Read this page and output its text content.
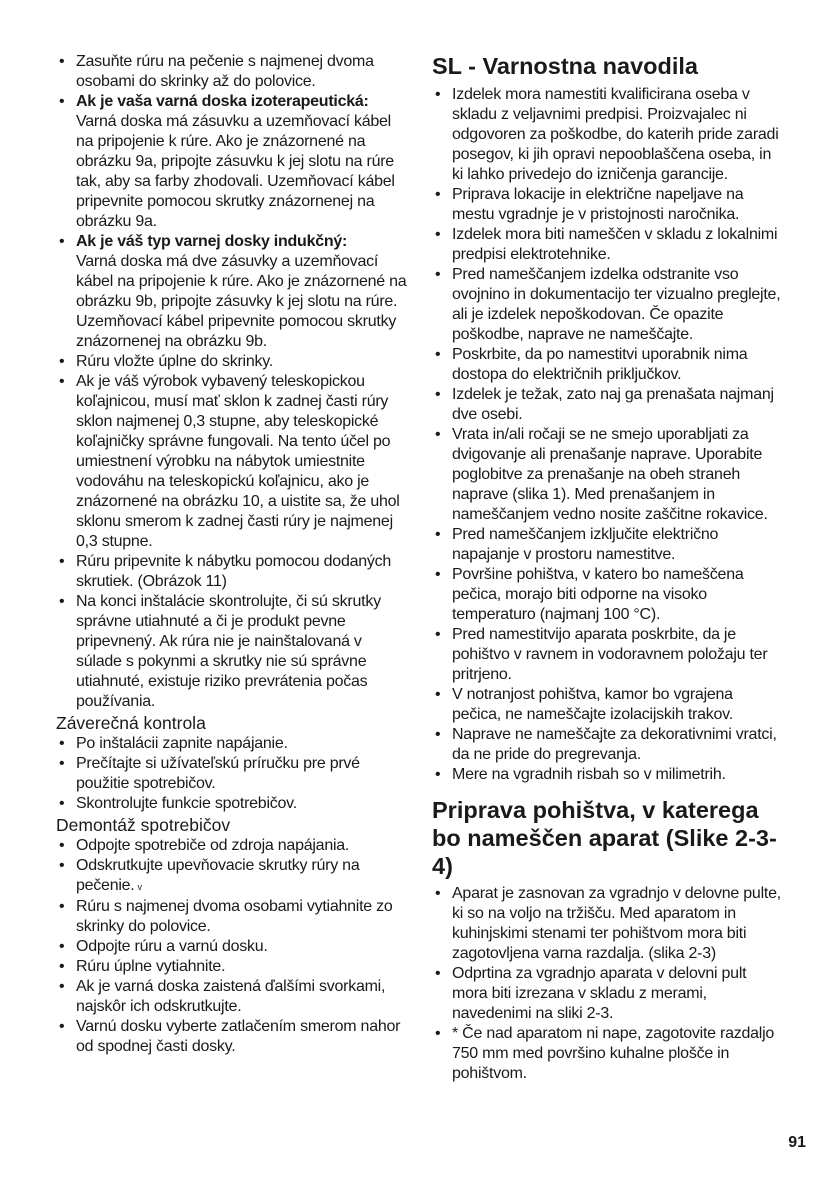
• Zasuňte rúru na pečenie s najmenej dvoma osobami do skrinky až do polovice.
• Ak je vaša varná doska izoterapeutická:
Varná doska má zásuvku a uzemňovací kábel na pripojenie k rúre. Ako je znázornené na obrázku 9a, pripojte zásuvku k jej slotu na rúre tak, aby sa farby zhodovali. Uzemňovací kábel pripevnite pomocou skrutky znázornenej na obrázku 9a.
• Ak je váš typ varnej dosky indukčný:
Varná doska má dve zásuvky a uzemňovací kábel na pripojenie k rúre. Ako je znázornené na obrázku 9b, pripojte zásuvky k jej slotu na rúre. Uzemňovací kábel pripevnite pomocou skrutky znázornenej na obrázku 9b.
• Rúru vložte úplne do skrinky.
• Ak je váš výrobok vybavený teleskopickou koľajnicou, musí mať sklon k zadnej časti rúry sklon najmenej 0,3 stupne, aby teleskopické koľajničky správne fungovali. Na tento účel po umiestnení výrobku na nábytok umiestnite vodováhu na teleskopickú koľajnicu, ako je znázornené na obrázku 10, a uistite sa, že uhol sklonu smerom k zadnej časti rúry je najmenej 0,3 stupne.
• Rúru pripevnite k nábytku pomocou dodaných skrutiek. (Obrázok 11)
• Na konci inštalácie skontrolujte, či sú skrutky správne utiahnuté a či je produkt pevne pripevnený. Ak rúra nie je nainštalovaná v súlade s pokynmi a skrutky nie sú správne utiahnuté, existuje riziko prevrátenia počas používania.
Záverečná kontrola
• Po inštalácii zapnite napájanie.
• Prečítajte si užívateľskú príručku pre prvé použitie spotrebičov.
• Skontrolujte funkcie spotrebičov.
Demontáž spotrebičov
• Odpojte spotrebiče od zdroja napájania.
• Odskrutkujte upevňovacie skrutky rúry na pečenie. v
• Rúru s najmenej dvoma osobami vytiahnite zo skrinky do polovice.
• Odpojte rúru a varnú dosku.
• Rúru úplne vytiahnite.
• Ak je varná doska zaistená ďalšími svorkami, najskôr ich odskrutkujte.
• Varnú dosku vyberte zatlačením smerom nahor od spodnej časti dosky.
SL - Varnostna navodila
• Izdelek mora namestiti kvalificirana oseba v skladu z veljavnimi predpisi. Proizvajalec ni odgovoren za poškodbe, do katerih pride zaradi posegov, ki jih opravi nepooblaščena oseba, in ki lahko privedejo do izničenja garancije.
• Priprava lokacije in električne napeljave na mestu vgradnje je v pristojnosti naročnika.
• Izdelek mora biti nameščen v skladu z lokalnimi predpisi elektrotehnike.
• Pred nameščanjem izdelka odstranite vso ovojnino in dokumentacijo ter vizualno preglejte, ali je izdelek nepoškodovan. Če opazite poškodbe, naprave ne nameščajte.
• Poskrbite, da po namestitvi uporabnik nima dostopa do električnih priključkov.
• Izdelek je težak, zato naj ga prenašata najmanj dve osebi.
• Vrata in/ali ročaji se ne smejo uporabljati za dvigovanje ali prenašanje naprave. Uporabite poglobitve za prenašanje na obeh straneh naprave (slika 1). Med prenašanjem in nameščanjem vedno nosite zaščitne rokavice.
• Pred nameščanjem izključite električno napajanje v prostoru namestitve.
• Površine pohištva, v katero bo nameščena pečica, morajo biti odporne na visoko temperaturo (najmanj 100 °C).
• Pred namestitvijo aparata poskrbite, da je pohištvo v ravnem in vodoravnem položaju ter pritrjeno.
• V notranjost pohištva, kamor bo vgrajena pečica, ne nameščajte izolacijskih trakov.
• Naprave ne nameščajte za dekorativnimi vratci, da ne pride do pregrevanja.
• Mere na vgradnih risbah so v milimetrih.
Priprava pohištva, v katerega bo nameščen aparat (Slike 2-3-4)
• Aparat je zasnovan za vgradnjo v delovne pulte, ki so na voljo na tržišču. Med aparatom in kuhinjskimi stenami ter pohištvom mora biti zagotovljena varna razdalja. (slika 2-3)
• Odprtina za vgradnjo aparata v delovni pult mora biti izrezana v skladu z merami, navedenimi na sliki 2-3.
• * Če nad aparatom ni nape, zagotovite razdaljo 750 mm med površino kuhalne plošče in pohištvom.
91
